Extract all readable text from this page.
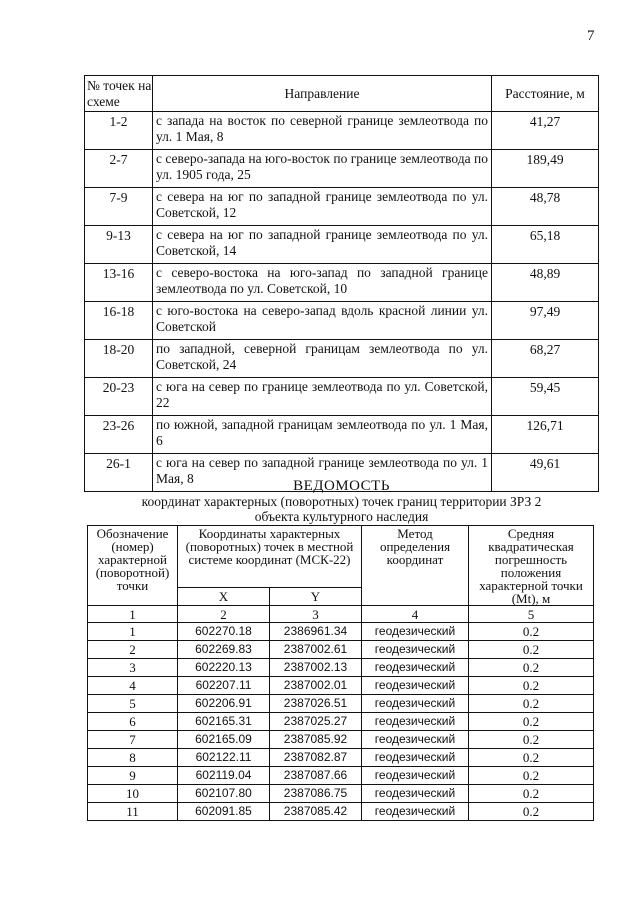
7
№ точек на схеме	Направление	Расстояние, м
1-2	с запада на восток по северной границе землеотвода по ул. 1 Мая, 8	41,27
2-7	с северо-запада на юго-восток по границе землеотвода по ул. 1905 года, 25	189,49
7-9	с севера на юг по западной границе землеотвода по ул. Советской, 12	48,78
9-13	с севера на юг по западной границе землеотвода по ул. Советской, 14	65,18
13-16	с северо-востока на юго-запад по западной границе землеотвода по ул. Советской, 10	48,89
16-18	с юго-востока на северо-запад вдоль красной линии ул. Советской	97,49
18-20	по западной, северной границам землеотвода по ул. Советской, 24	68,27
20-23	с юга на север по границе землеотвода по ул. Советской, 22	59,45
23-26	по южной, западной границам землеотвода по ул. 1 Мая, 6	126,71
26-1	с юга на север по западной границе землеотвода по ул. 1 Мая, 8	49,61
ВЕДОМОСТЬ
координат характерных (поворотных) точек границ территории ЗРЗ 2
объекта культурного наследия
Обозначение (номер) характерной (поворотной) точки	Координаты характерных (поворотных) точек в местной системе координат (МСК-22)		Метод определения координат	Средняя квадратическая погрешность положения характерной точки (Mt), м
	X	Y		
1	2	3	4	5
1	602270.18	2386961.34	геодезический	0.2
2	602269.83	2387002.61	геодезический	0.2
3	602220.13	2387002.13	геодезический	0.2
4	602207.11	2387002.01	геодезический	0.2
5	602206.91	2387026.51	геодезический	0.2
6	602165.31	2387025.27	геодезический	0.2
7	602165.09	2387085.92	геодезический	0.2
8	602122.11	2387082.87	геодезический	0.2
9	602119.04	2387087.66	геодезический	0.2
10	602107.80	2387086.75	геодезический	0.2
11	602091.85	2387085.42	геодезический	0.2
